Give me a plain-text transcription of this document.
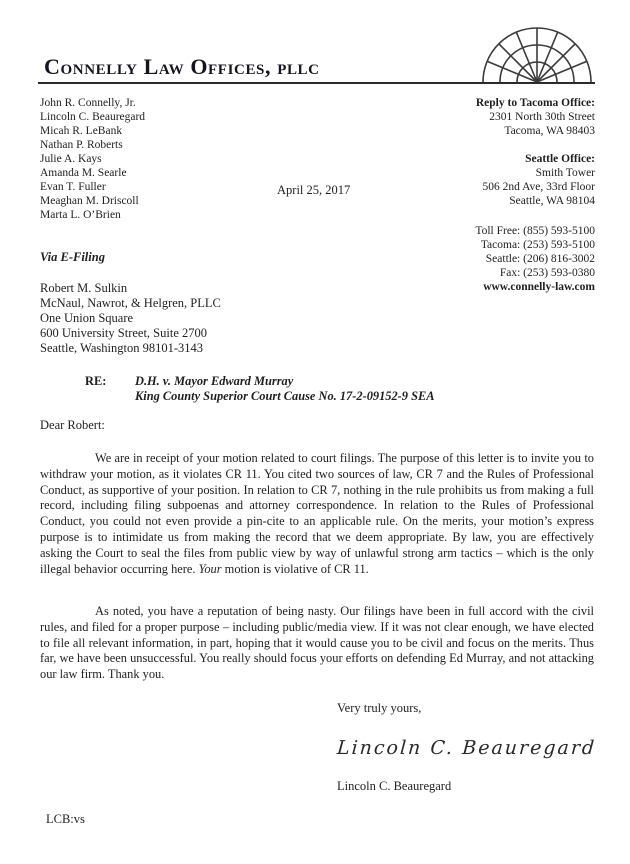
Connelly Law Offices, pllc
John R. Connelly, Jr.
Lincoln C. Beauregard
Micah R. LeBank
Nathan P. Roberts
Julie A. Kays
Amanda M. Searle
Evan T. Fuller
Meaghan M. Driscoll
Marta L. O’Brien
Reply to Tacoma Office:
2301 North 30th Street
Tacoma, WA 98403
Seattle Office:
Smith Tower
506 2nd Ave, 33rd Floor
Seattle, WA 98104
Toll Free: (855) 593-5100
Tacoma: (253) 593-5100
Seattle: (206) 816-3002
Fax: (253) 593-0380
www.connelly-law.com
April 25, 2017
Via E-Filing
Robert M. Sulkin
McNaul, Nawrot, & Helgren, PLLC
One Union Square
600 University Street, Suite 2700
Seattle, Washington 98101-3143
RE:	D.H. v. Mayor Edward Murray
King County Superior Court Cause No. 17-2-09152-9 SEA
Dear Robert:
We are in receipt of your motion related to court filings. The purpose of this letter is to invite you to withdraw your motion, as it violates CR 11. You cited two sources of law, CR 7 and the Rules of Professional Conduct, as supportive of your position. In relation to CR 7, nothing in the rule prohibits us from making a full record, including filing subpoenas and attorney correspondence. In relation to the Rules of Professional Conduct, you could not even provide a pin-cite to an applicable rule. On the merits, your motion’s express purpose is to intimidate us from making the record that we deem appropriate. By law, you are effectively asking the Court to seal the files from public view by way of unlawful strong arm tactics – which is the only illegal behavior occurring here. Your motion is violative of CR 11.
As noted, you have a reputation of being nasty. Our filings have been in full accord with the civil rules, and filed for a proper purpose – including public/media view. If it was not clear enough, we have elected to file all relevant information, in part, hoping that it would cause you to be civil and focus on the merits. Thus far, we have been unsuccessful. You really should focus your efforts on defending Ed Murray, and not attacking our law firm. Thank you.
Very truly yours,
Lincoln C. Beauregard
Lincoln C. Beauregard
LCB:vs
